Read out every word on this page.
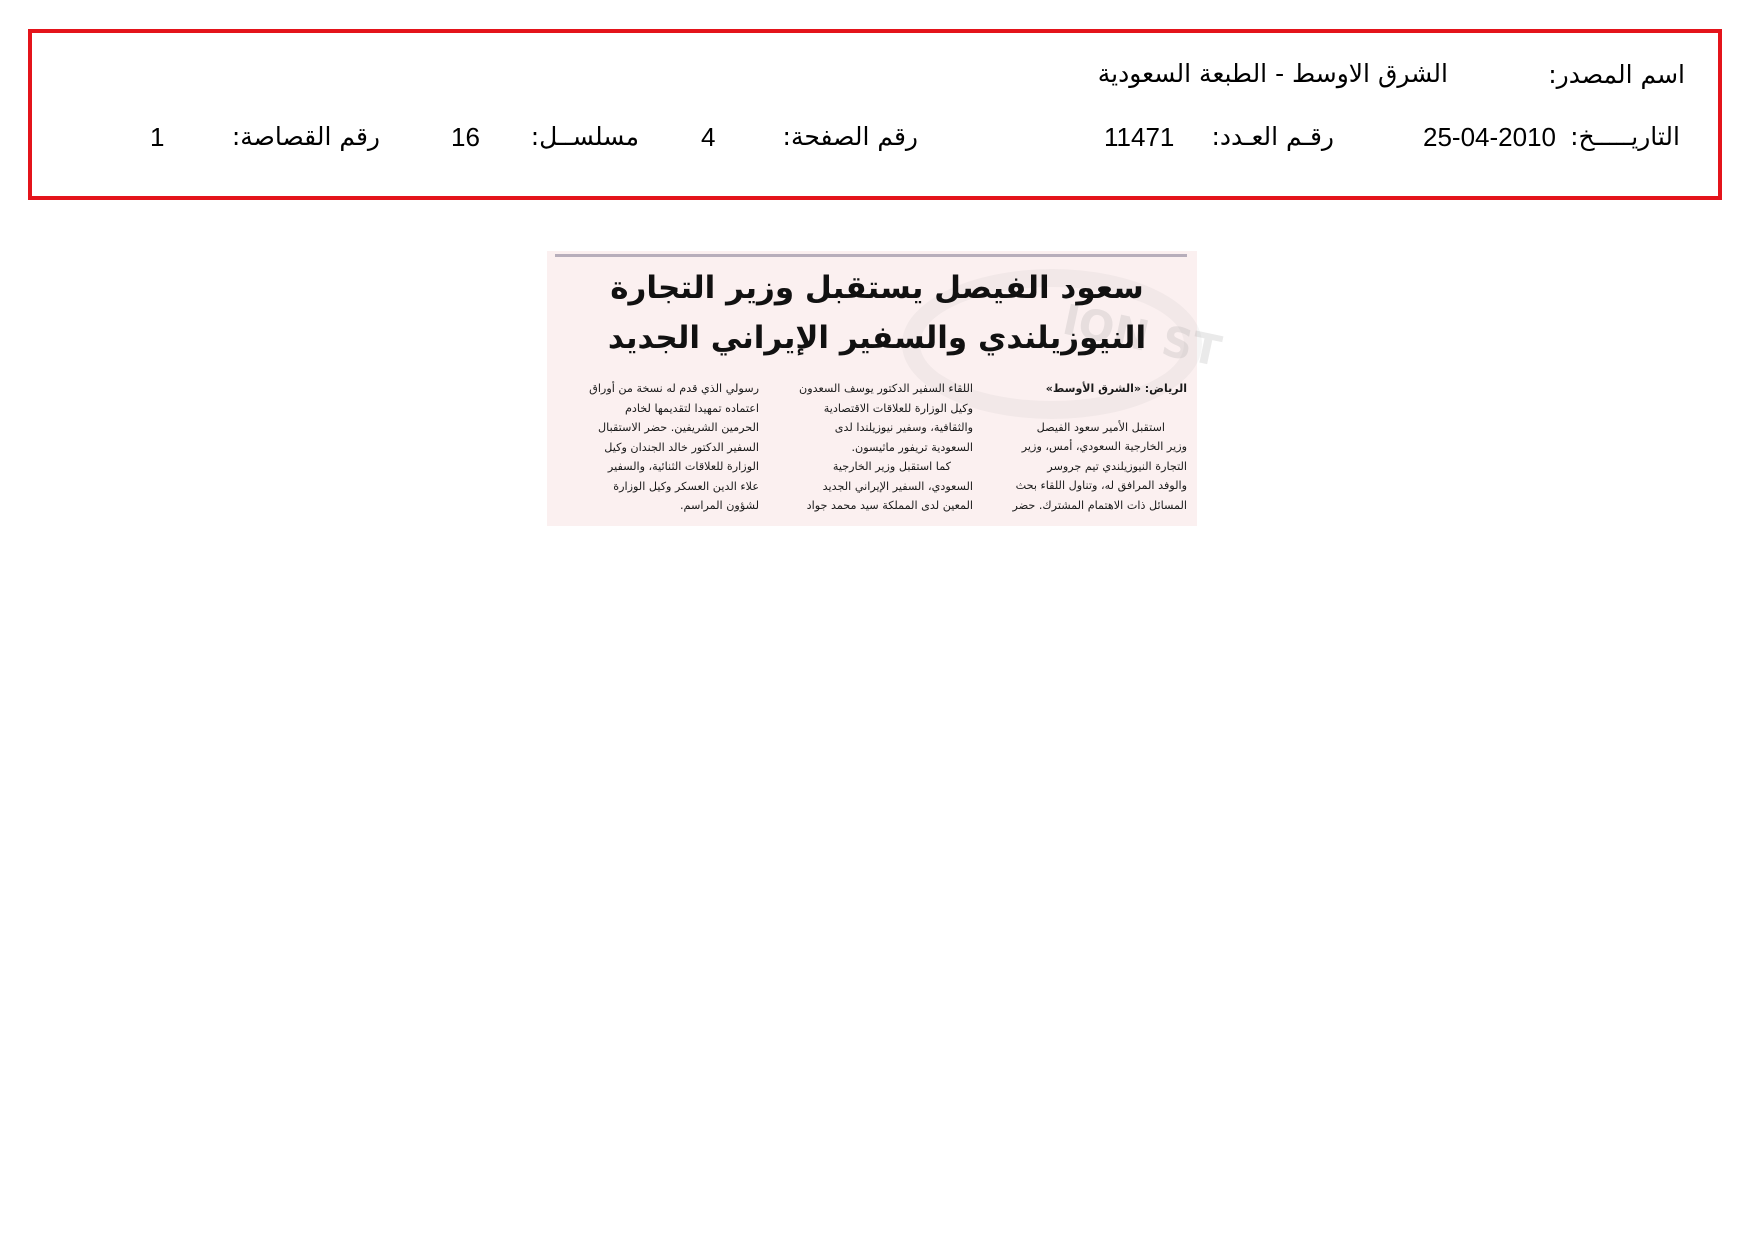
اسم المصدر:
الشرق الاوسط - الطبعة السعودية
التاريـــــخ:
25-04-2010
رقـم العـدد:
11471
رقم الصفحة:
4
مسلســل:
16
رقم القصاصة:
1
ION ST
سعود الفيصل يستقبل وزير التجارة
النيوزيلندي والسفير الإيراني الجديد
الرياض: «الشرق الأوسط»
استقبل الأمير سعود الفيصل
وزير الخارجية السعودي، أمس، وزير
التجارة النيوزيلندي تيم جروسر
والوفد المرافق له، وتناول اللقاء بحث
المسائل ذات الاهتمام المشترك. حضر
اللقاء السفير الدكتور يوسف السعدون
وكيل الوزارة للعلاقات الاقتصادية
والثقافية، وسفير نيوزيلندا لدى
السعودية تريفور ماثيسون.
كما استقبل وزير الخارجية
السعودي، السفير الإيراني الجديد
المعين لدى المملكة سيد محمد جواد
رسولي الذي قدم له نسخة من أوراق
اعتماده تمهيدا لتقديمها لخادم
الحرمين الشريفين. حضر الاستقبال
السفير الدكتور خالد الجندان وكيل
الوزارة للعلاقات الثنائية، والسفير
علاء الدين العسكر وكيل الوزارة
لشؤون المراسم.
